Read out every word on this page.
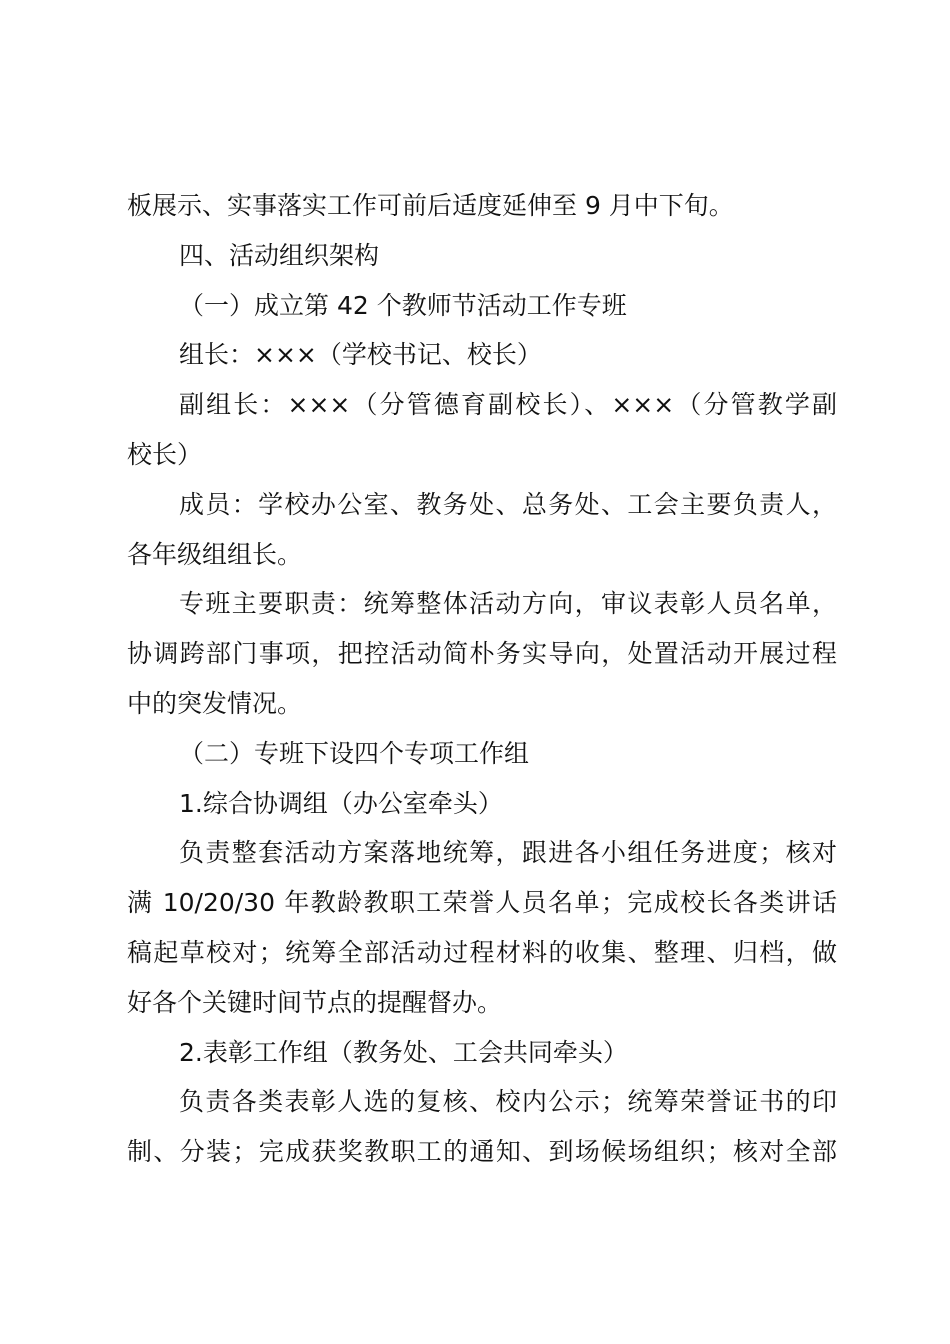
板展示、实事落实工作可前后适度延伸至 9 月中下旬。
四、活动组织架构
（一）成立第 42 个教师节活动工作专班
组长：×××（学校书记、校长）
副组长：×××（分管德育副校长）、×××（分管教学副
校长）
成员：学校办公室、教务处、总务处、工会主要负责人，
各年级组组长。
专班主要职责：统筹整体活动方向，审议表彰人员名单，
协调跨部门事项，把控活动简朴务实导向，处置活动开展过程
中的突发情况。
（二）专班下设四个专项工作组
1.综合协调组（办公室牵头）
负责整套活动方案落地统筹，跟进各小组任务进度；核对
满 10/20/30 年教龄教职工荣誉人员名单；完成校长各类讲话
稿起草校对；统筹全部活动过程材料的收集、整理、归档，做
好各个关键时间节点的提醒督办。
2.表彰工作组（教务处、工会共同牵头）
负责各类表彰人选的复核、校内公示；统筹荣誉证书的印
制、分装；完成获奖教职工的通知、到场候场组织；核对全部
